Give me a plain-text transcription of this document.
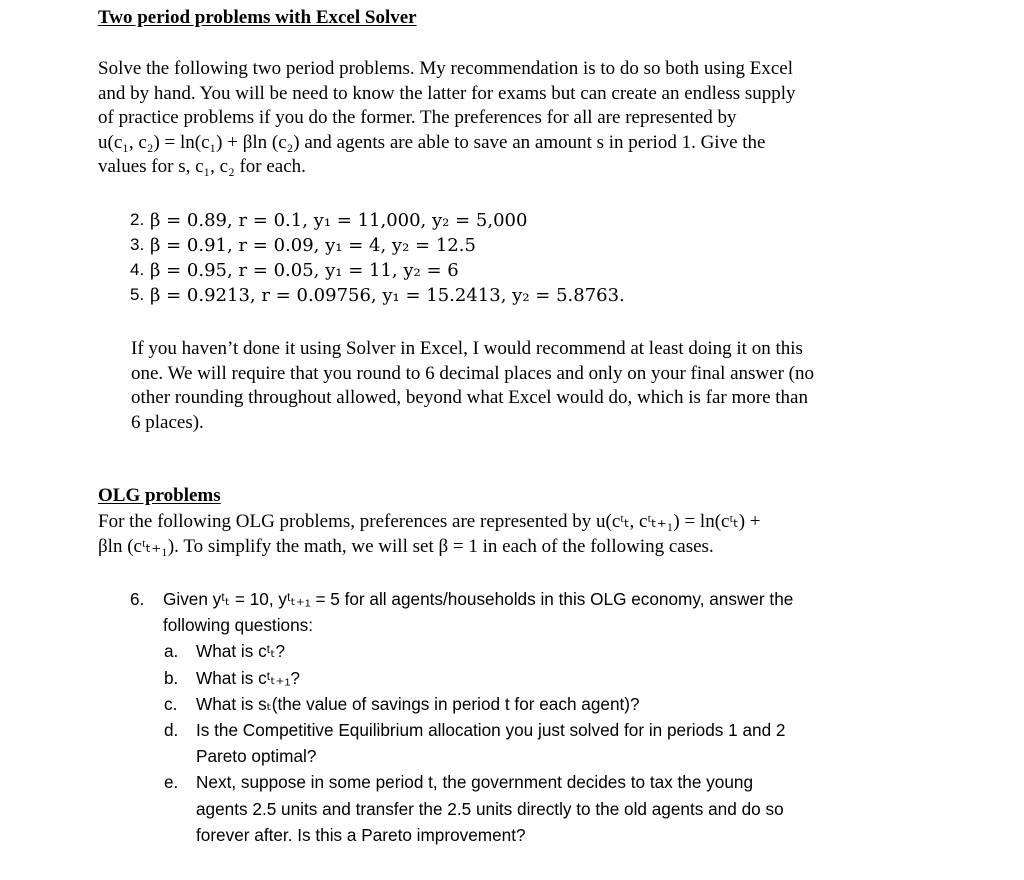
Two period problems with Excel Solver
Solve the following two period problems. My recommendation is to do so both using Excel
and by hand. You will be need to know the latter for exams but can create an endless supply
of practice problems if you do the former. The preferences for all are represented by
u(c₁, c₂) = ln(c₁) + βln (c₂) and agents are able to save an amount s in period 1. Give the
values for s, c₁, c₂ for each.
2. β = 0.89, r = 0.1, y₁ = 11,000, y₂ = 5,000
3. β = 0.91, r = 0.09, y₁ = 4, y₂ = 12.5
4. β = 0.95, r = 0.05, y₁ = 11, y₂ = 6
5. β = 0.9213, r = 0.09756, y₁ = 15.2413, y₂ = 5.8763.
If you haven’t done it using Solver in Excel, I would recommend at least doing it on this
one. We will require that you round to 6 decimal places and only on your final answer (no
other rounding throughout allowed, beyond what Excel would do, which is far more than
6 places).
OLG problems
For the following OLG problems, preferences are represented by u(cᵗₜ, cᵗₜ₊₁) = ln(cᵗₜ) +
βln (cᵗₜ₊₁). To simplify the math, we will set β = 1 in each of the following cases.
6. Given yᵗₜ = 10, yᵗₜ₊₁ = 5 for all agents/households in this OLG economy, answer the
following questions:
a. What is cᵗₜ?
b. What is cᵗₜ₊₁?
c. What is sₜ(the value of savings in period t for each agent)?
d. Is the Competitive Equilibrium allocation you just solved for in periods 1 and 2
Pareto optimal?
e. Next, suppose in some period t, the government decides to tax the young
agents 2.5 units and transfer the 2.5 units directly to the old agents and do so
forever after. Is this a Pareto improvement?
